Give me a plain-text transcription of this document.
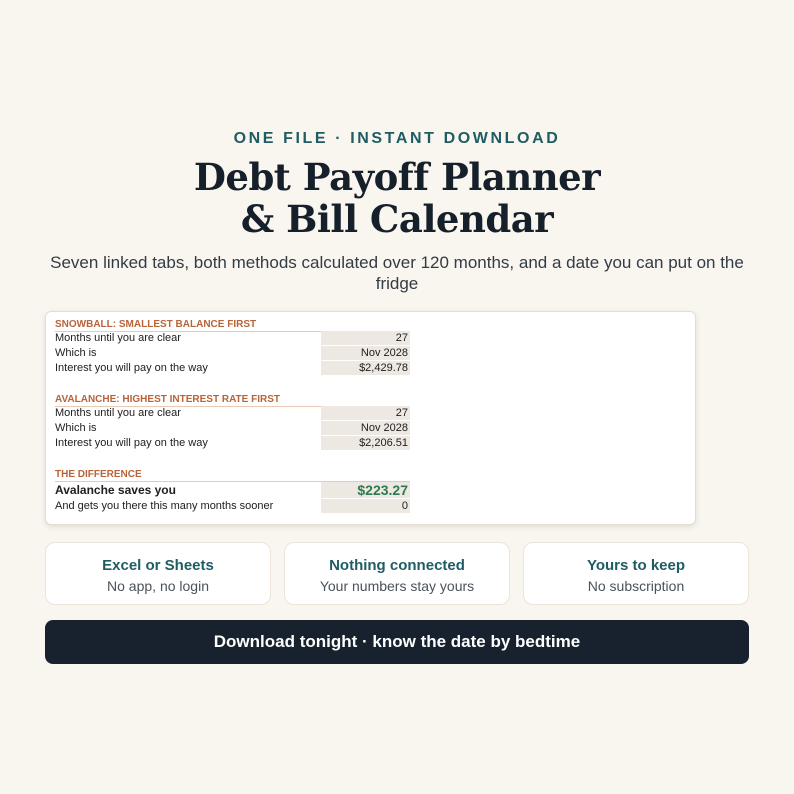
ONE FILE · INSTANT DOWNLOAD
Debt Payoff Planner
& Bill Calendar
Seven linked tabs, both methods calculated over 120 months, and a date you can put on the fridge
SNOWBALL: SMALLEST BALANCE FIRST
Months until you are clear	27
Which is	Nov 2028
Interest you will pay on the way	$2,429.78
AVALANCHE: HIGHEST INTEREST RATE FIRST
Months until you are clear	27
Which is	Nov 2028
Interest you will pay on the way	$2,206.51
THE DIFFERENCE
Avalanche saves you	$223.27
And gets you there this many months sooner	0
Excel or Sheets
No app, no login
Nothing connected
Your numbers stay yours
Yours to keep
No subscription
Download tonight · know the date by bedtime
